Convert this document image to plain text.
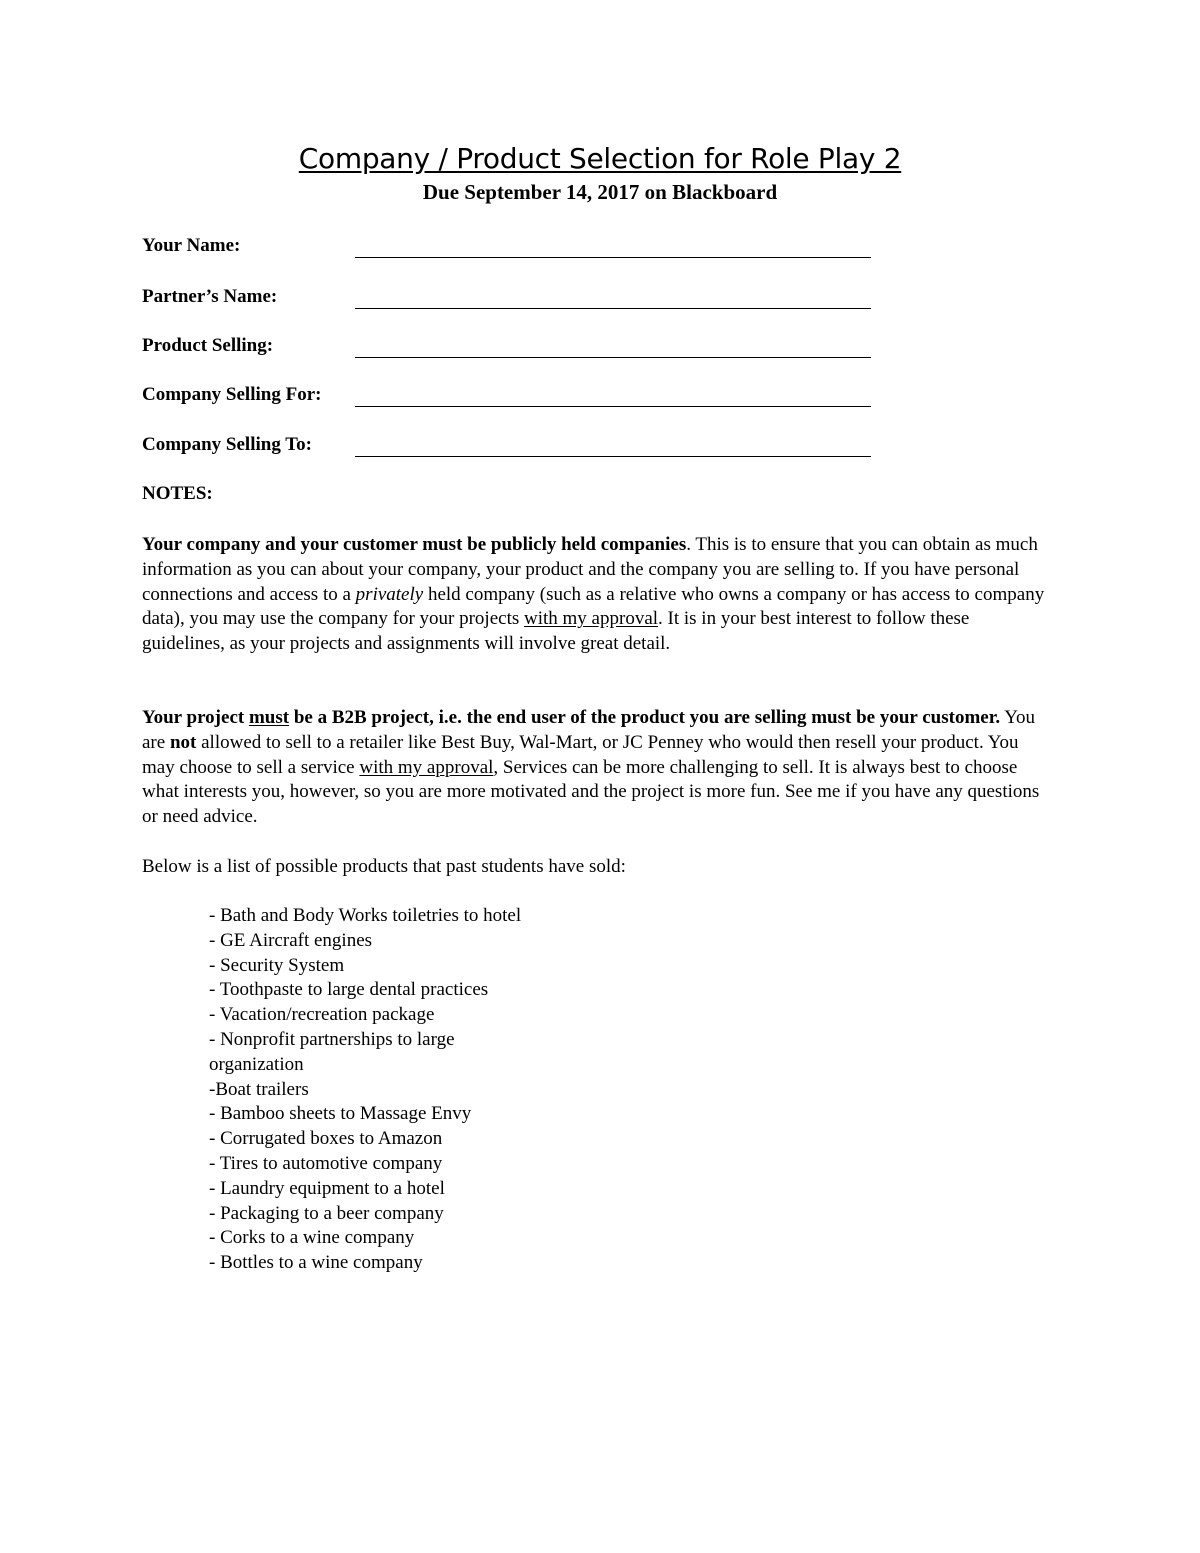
Company / Product Selection for Role Play 2
Due September 14, 2017 on Blackboard
Your Name:
Partner’s Name:
Product Selling:
Company Selling For:
Company Selling To:
NOTES:
Your company and your customer must be publicly held companies. This is to ensure that you can obtain as much information as you can about your company, your product and the company you are selling to. If you have personal connections and access to a privately held company (such as a relative who owns a company or has access to company data), you may use the company for your projects with my approval. It is in your best interest to follow these guidelines, as your projects and assignments will involve great detail.
Your project must be a B2B project, i.e. the end user of the product you are selling must be your customer. You are not allowed to sell to a retailer like Best Buy, Wal-Mart, or JC Penney who would then resell your product. You may choose to sell a service with my approval, Services can be more challenging to sell. It is always best to choose what interests you, however, so you are more motivated and the project is more fun. See me if you have any questions or need advice.
Below is a list of possible products that past students have sold:
- Bath and Body Works toiletries to hotel
- GE Aircraft engines
- Security System
- Toothpaste to large dental practices
- Vacation/recreation package
- Nonprofit partnerships to large organization
-Boat trailers
- Bamboo sheets to Massage Envy
- Corrugated boxes to Amazon
- Tires to automotive company
- Laundry equipment to a hotel
- Packaging to a beer company
- Corks to a wine company
- Bottles to a wine company
